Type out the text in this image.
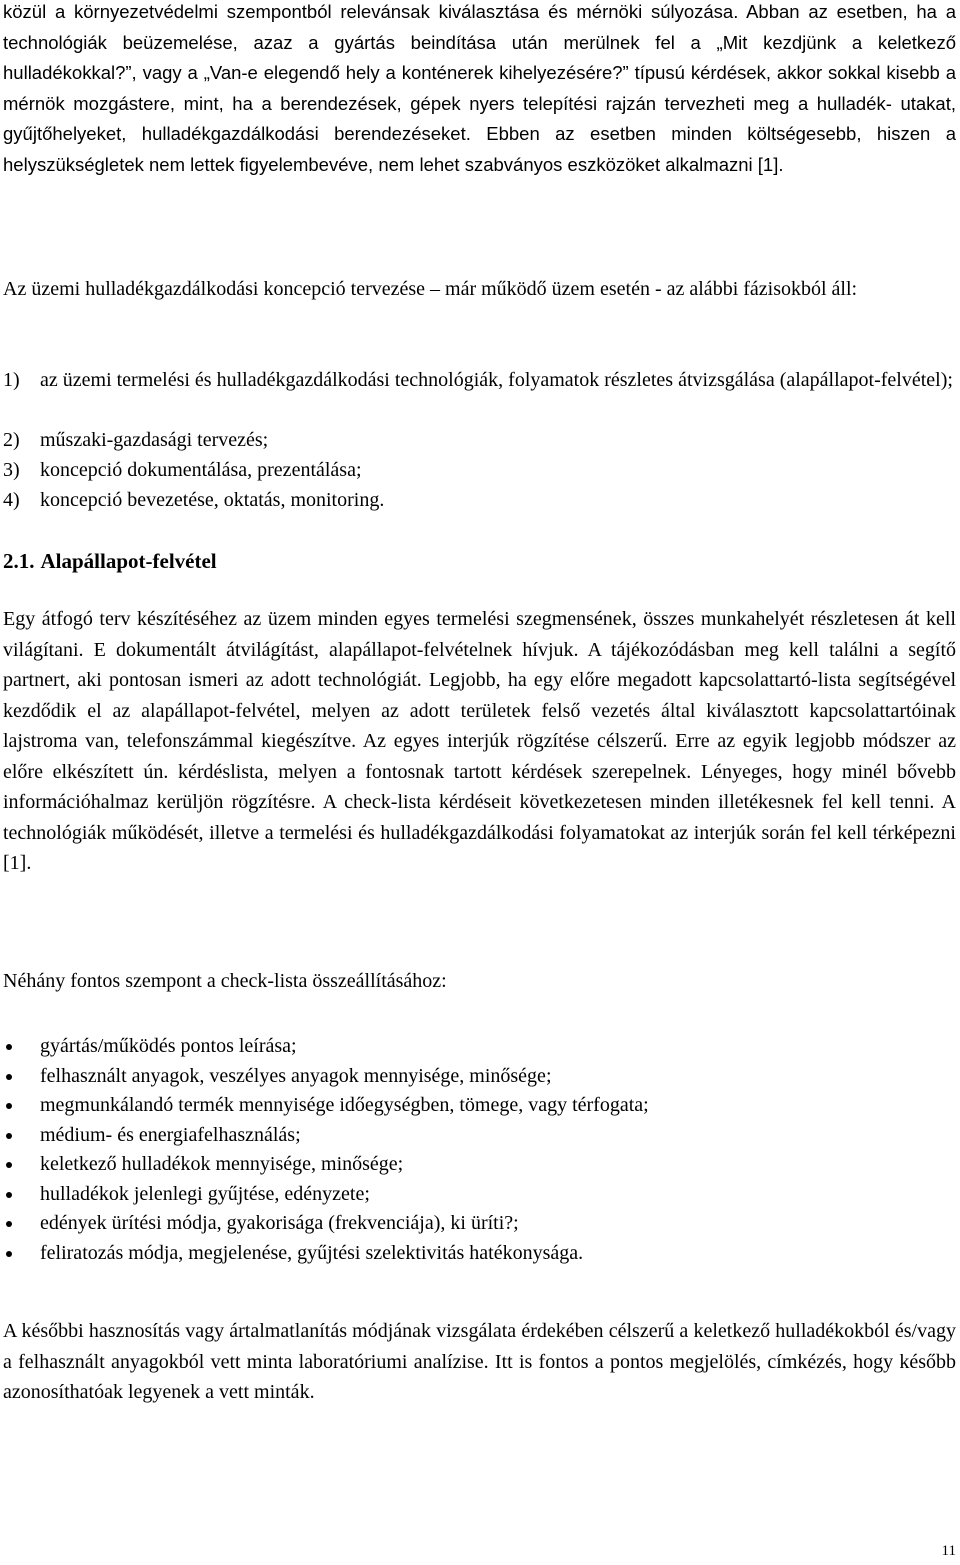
közül a környezetvédelmi szempontból relevánsak kiválasztása és mérnöki súlyozása. Abban az esetben, ha a technológiák beüzemelése, azaz a gyártás beindítása után merülnek fel a „Mit kezdjünk a keletkező hulladékokkal?”, vagy a „Van-e elegendő hely a konténerek kihelyezésére?” típusú kérdések, akkor sokkal kisebb a mérnök mozgástere, mint, ha a berendezések, gépek nyers telepítési rajzán tervezheti meg a hulladék- utakat, gyűjtőhelyeket, hulladékgazdálkodási berendezéseket. Ebben az esetben minden költségesebb, hiszen a helyszükségletek nem lettek figyelembevéve, nem lehet szabványos eszközöket alkalmazni [1].

Az üzemi hulladékgazdálkodási koncepció tervezése – már működő üzem esetén - az alábbi fázisokból áll:

1)	az üzemi termelési és hulladékgazdálkodási technológiák, folyamatok részletes átvizsgálása (alapállapot-felvétel);
2)	műszaki-gazdasági tervezés;
3)	koncepció dokumentálása, prezentálása;
4)	koncepció bevezetése, oktatás, monitoring.
2.1. Alapállapot-felvétel

Egy átfogó terv készítéséhez az üzem minden egyes termelési szegmensének, összes munkahelyét részletesen át kell világítani. E dokumentált átvilágítást, alapállapot-felvételnek hívjuk. A tájékozódásban meg kell találni a segítő partnert, aki pontosan ismeri az adott technológiát. Legjobb, ha egy előre megadott kapcsolattartó-lista segítségével kezdődik el az alapállapot-felvétel, melyen az adott területek felső vezetés által kiválasztott kapcsolattartóinak lajstroma van, telefonszámmal kiegészítve. Az egyes interjúk rögzítése célszerű. Erre az egyik legjobb módszer az előre elkészített ún. kérdéslista, melyen a fontosnak tartott kérdések szerepelnek. Lényeges, hogy minél bővebb információhalmaz kerüljön rögzítésre. A check-lista kérdéseit következetesen minden illetékesnek fel kell tenni. A technológiák működését, illetve a termelési és hulladékgazdálkodási folyamatokat az interjúk során fel kell térképezni [1].

Néhány fontos szempont a check-lista összeállításához:

gyártás/működés pontos leírása;
felhasznált anyagok, veszélyes anyagok mennyisége, minősége;
megmunkálandó termék mennyisége időegységben, tömege, vagy térfogata;
médium- és energiafelhasználás;
keletkező hulladékok mennyisége, minősége;
hulladékok jelenlegi gyűjtése, edényzete;
edények ürítési módja, gyakorisága (frekvenciája), ki üríti?;
feliratozás módja, megjelenése, gyűjtési szelektivitás hatékonysága.

A későbbi hasznosítás vagy ártalmatlanítás módjának vizsgálata érdekében célszerű a keletkező hulladékokból és/vagy a felhasznált anyagokból vett minta laboratóriumi analízise. Itt is fontos a pontos megjelölés, címkézés, hogy később azonosíthatóak legyenek a vett minták.

11
